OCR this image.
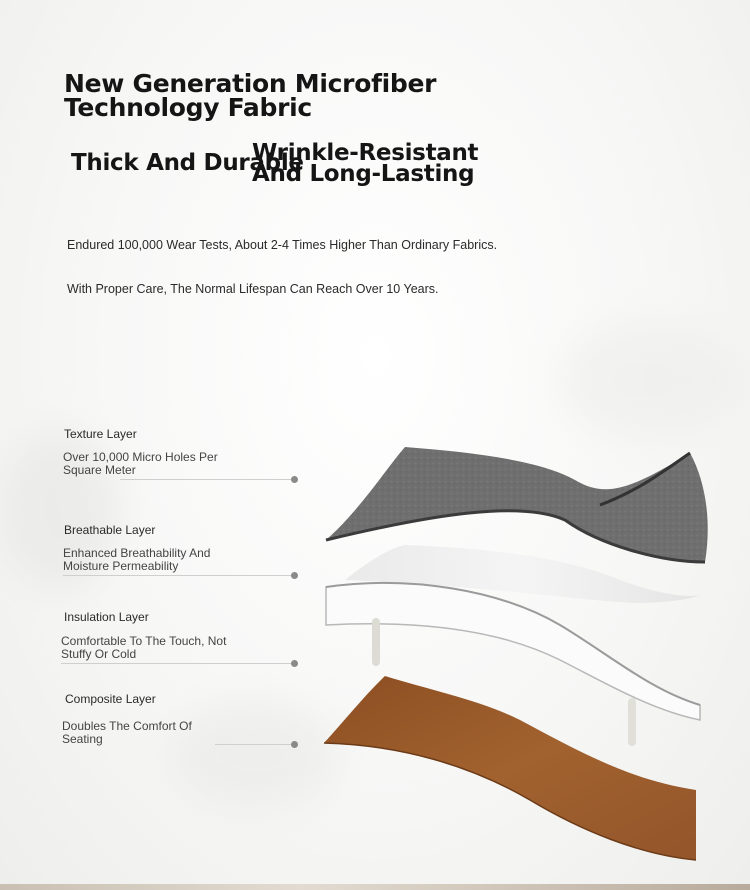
New Generation Microfiber Technology Fabric
Thick And Durable
Wrinkle-Resistant And Long-Lasting
Endured 100,000 Wear Tests, About 2-4 Times Higher Than Ordinary Fabrics.
With Proper Care, The Normal Lifespan Can Reach Over 10 Years.
Texture Layer
Over 10,000 Micro Holes Per Square Meter
Breathable Layer
Enhanced Breathability And Moisture Permeability
Insulation Layer
Comfortable To The Touch, Not Stuffy Or Cold
Composite Layer
Doubles The Comfort Of Seating
